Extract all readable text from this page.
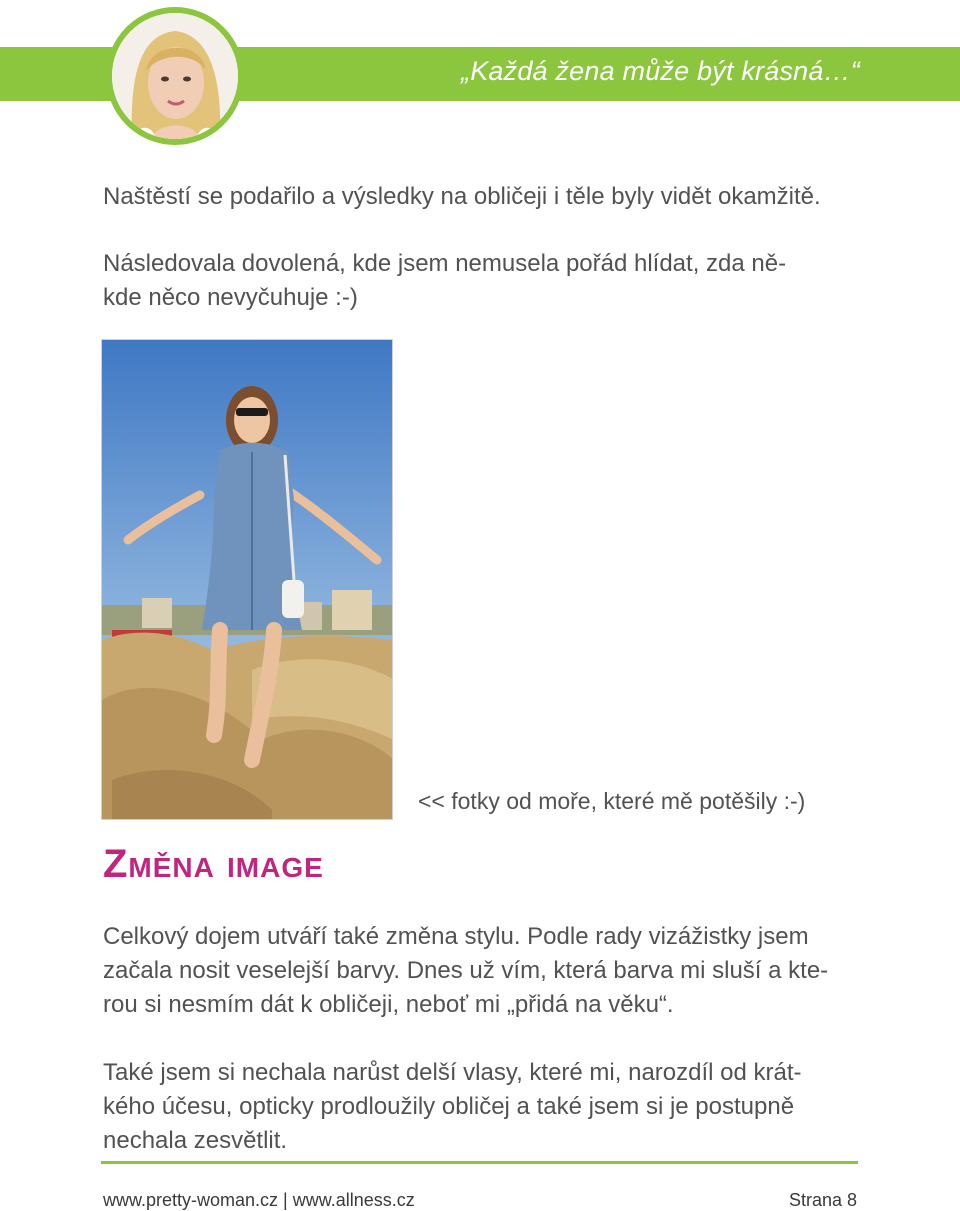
„Každá žena může být krásná…“

Naštěstí se podařilo a výsledky na obličeji i těle byly vidět okamžitě.

Následovala dovolená, kde jsem nemusela pořád hlídat, zda ně-
kde něco nevyčuhuje :-)

<< fotky od moře, které mě potěšily :-)
Změna image

Celkový dojem utváří také změna stylu. Podle rady vizážistky jsem
začala nosit veselejší barvy. Dnes už vím, která barva mi sluší a kte-
rou si nesmím dát k obličeji, neboť mi „přidá na věku“.

Také jsem si nechala narůst delší vlasy, které mi, narozdíl od krát-
kého účesu, opticky prodloužily obličej a také jsem si je postupně
nechala zesvětlit.

www.pretty-woman.cz | www.allness.cz	Strana 8
